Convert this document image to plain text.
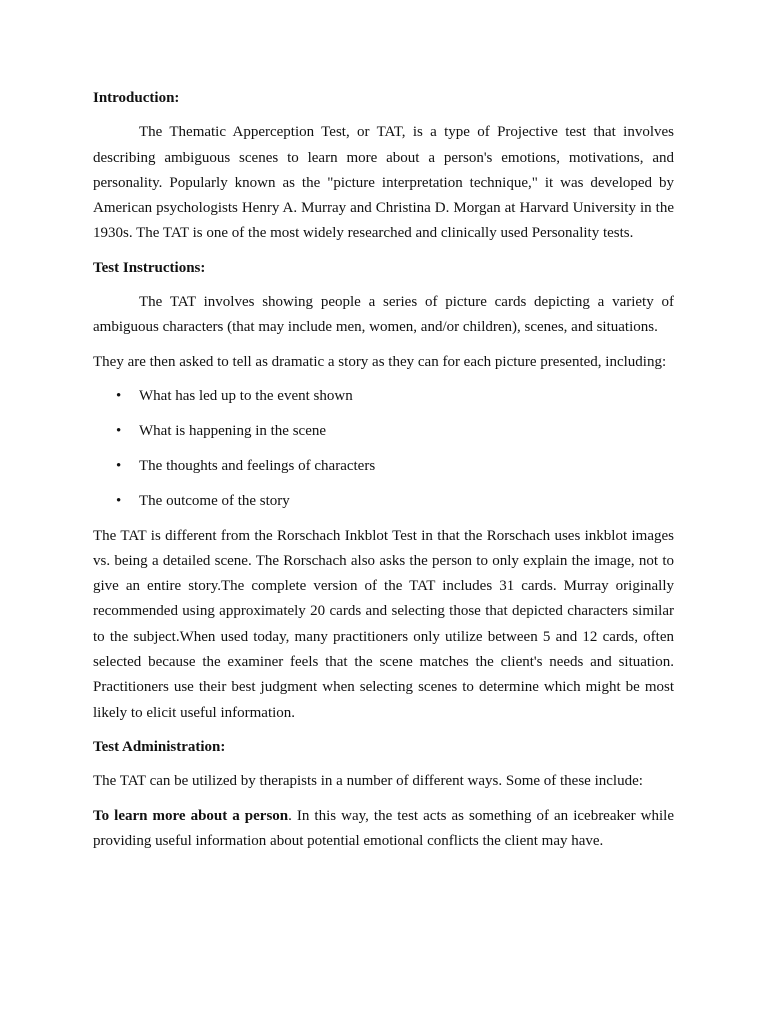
Introduction:

The Thematic Apperception Test, or TAT, is a type of Projective test that involves describing ambiguous scenes to learn more about a person's emotions, motivations, and personality. Popularly known as the "picture interpretation technique," it was developed by American psychologists Henry A. Murray and Christina D. Morgan at Harvard University in the 1930s. The TAT is one of the most widely researched and clinically used Personality tests.

Test Instructions:

The TAT involves showing people a series of picture cards depicting a variety of ambiguous characters (that may include men, women, and/or children), scenes, and situations.

They are then asked to tell as dramatic a story as they can for each picture presented, including:

• What has led up to the event shown
• What is happening in the scene
• The thoughts and feelings of characters
• The outcome of the story

The TAT is different from the Rorschach Inkblot Test in that the Rorschach uses inkblot images vs. being a detailed scene. The Rorschach also asks the person to only explain the image, not to give an entire story.The complete version of the TAT includes 31 cards. Murray originally recommended using approximately 20 cards and selecting those that depicted characters similar to the subject.When used today, many practitioners only utilize between 5 and 12 cards, often selected because the examiner feels that the scene matches the client's needs and situation. Practitioners use their best judgment when selecting scenes to determine which might be most likely to elicit useful information.

Test Administration:

The TAT can be utilized by therapists in a number of different ways. Some of these include:

To learn more about a person. In this way, the test acts as something of an icebreaker while providing useful information about potential emotional conflicts the client may have.
